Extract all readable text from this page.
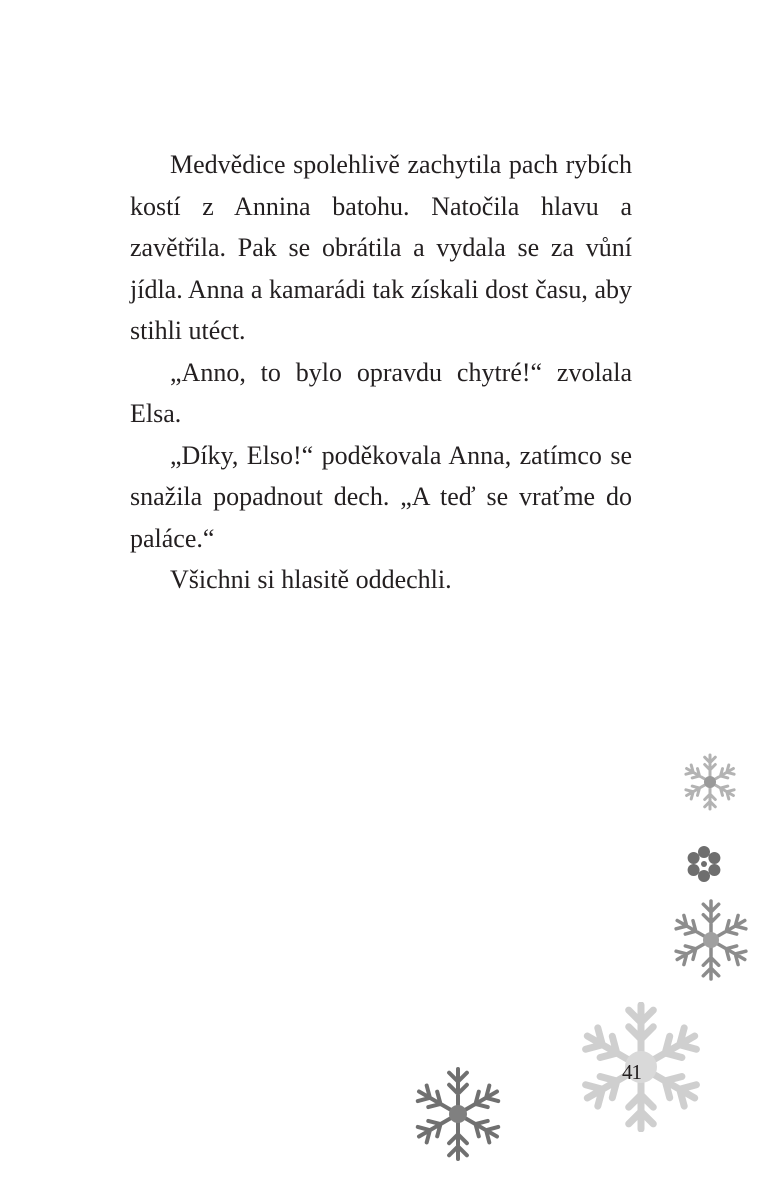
Medvědice spolehlivě zachytila pach rybích kostí z Annina batohu. Natočila hlavu a zavětřila. Pak se obrátila a vydala se za vůní jídla. Anna a kamarádi tak získali dost času, aby stihli utéct.

„Anno, to bylo opravdu chytré!“ zvolala Elsa.

„Díky, Elso!“ poděkovala Anna, zatímco se snažila popadnout dech. „A teď se vraťme do paláce.“

Všichni si hlasitě oddechli.

41
